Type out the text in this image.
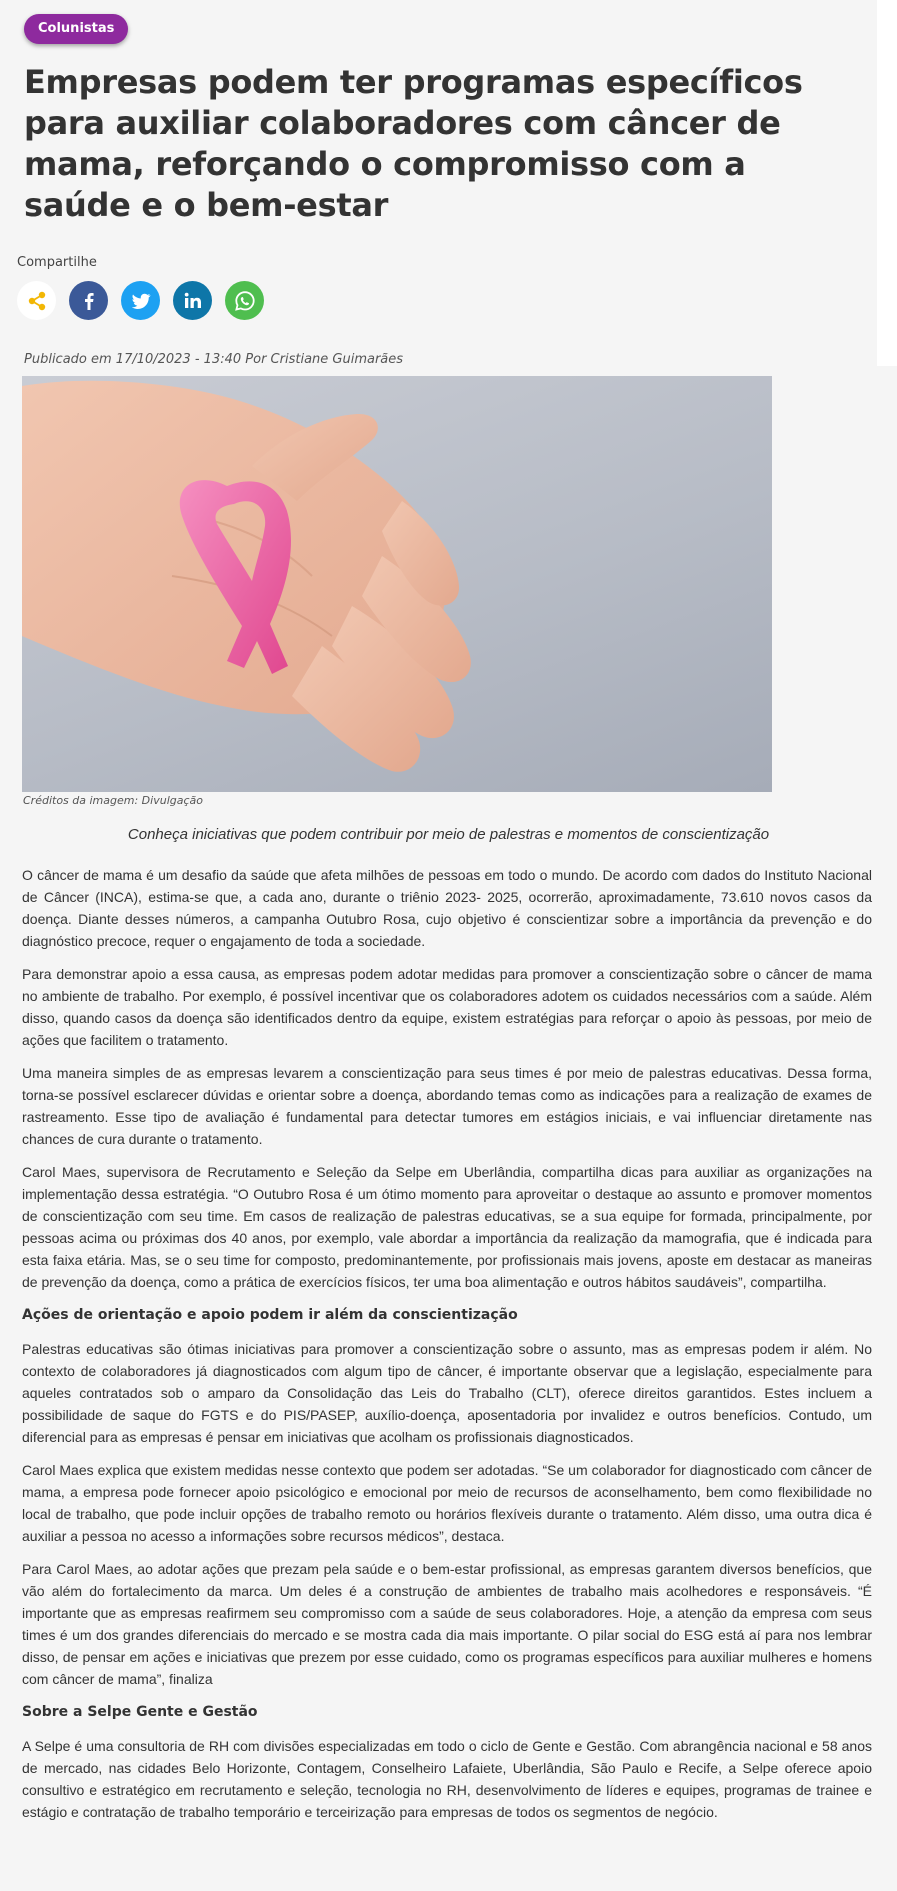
Colunistas
Empresas podem ter programas específicos para auxiliar colaboradores com câncer de mama, reforçando o compromisso com a saúde e o bem-estar
Compartilhe
Publicado em 17/10/2023 - 13:40 Por Cristiane Guimarães
Créditos da imagem: Divulgação

Conheça iniciativas que podem contribuir por meio de palestras e momentos de conscientização

O câncer de mama é um desafio da saúde que afeta milhões de pessoas em todo o mundo. De acordo com dados do Instituto Nacional de Câncer (INCA), estima-se que, a cada ano, durante o triênio 2023- 2025, ocorrerão, aproximadamente, 73.610 novos casos da doença. Diante desses números, a campanha Outubro Rosa, cujo objetivo é conscientizar sobre a importância da prevenção e do diagnóstico precoce, requer o engajamento de toda a sociedade.

Para demonstrar apoio a essa causa, as empresas podem adotar medidas para promover a conscientização sobre o câncer de mama no ambiente de trabalho. Por exemplo, é possível incentivar que os colaboradores adotem os cuidados necessários com a saúde. Além disso, quando casos da doença são identificados dentro da equipe, existem estratégias para reforçar o apoio às pessoas, por meio de ações que facilitem o tratamento.

Uma maneira simples de as empresas levarem a conscientização para seus times é por meio de palestras educativas. Dessa forma, torna-se possível esclarecer dúvidas e orientar sobre a doença, abordando temas como as indicações para a realização de exames de rastreamento. Esse tipo de avaliação é fundamental para detectar tumores em estágios iniciais, e vai influenciar diretamente nas chances de cura durante o tratamento.

Carol Maes, supervisora de Recrutamento e Seleção da Selpe em Uberlândia, compartilha dicas para auxiliar as organizações na implementação dessa estratégia. “O Outubro Rosa é um ótimo momento para aproveitar o destaque ao assunto e promover momentos de conscientização com seu time. Em casos de realização de palestras educativas, se a sua equipe for formada, principalmente, por pessoas acima ou próximas dos 40 anos, por exemplo, vale abordar a importância da realização da mamografia, que é indicada para esta faixa etária. Mas, se o seu time for composto, predominantemente, por profissionais mais jovens, aposte em destacar as maneiras de prevenção da doença, como a prática de exercícios físicos, ter uma boa alimentação e outros hábitos saudáveis”, compartilha.

Ações de orientação e apoio podem ir além da conscientização

Palestras educativas são ótimas iniciativas para promover a conscientização sobre o assunto, mas as empresas podem ir além. No contexto de colaboradores já diagnosticados com algum tipo de câncer, é importante observar que a legislação, especialmente para aqueles contratados sob o amparo da Consolidação das Leis do Trabalho (CLT), oferece direitos garantidos. Estes incluem a possibilidade de saque do FGTS e do PIS/PASEP, auxílio-doença, aposentadoria por invalidez e outros benefícios. Contudo, um diferencial para as empresas é pensar em iniciativas que acolham os profissionais diagnosticados.

Carol Maes explica que existem medidas nesse contexto que podem ser adotadas. “Se um colaborador for diagnosticado com câncer de mama, a empresa pode fornecer apoio psicológico e emocional por meio de recursos de aconselhamento, bem como flexibilidade no local de trabalho, que pode incluir opções de trabalho remoto ou horários flexíveis durante o tratamento. Além disso, uma outra dica é auxiliar a pessoa no acesso a informações sobre recursos médicos”, destaca.

Para Carol Maes, ao adotar ações que prezam pela saúde e o bem-estar profissional, as empresas garantem diversos benefícios, que vão além do fortalecimento da marca. Um deles é a construção de ambientes de trabalho mais acolhedores e responsáveis. “É importante que as empresas reafirmem seu compromisso com a saúde de seus colaboradores. Hoje, a atenção da empresa com seus times é um dos grandes diferenciais do mercado e se mostra cada dia mais importante. O pilar social do ESG está aí para nos lembrar disso, de pensar em ações e iniciativas que prezem por esse cuidado, como os programas específicos para auxiliar mulheres e homens com câncer de mama”, finaliza

Sobre a Selpe Gente e Gestão

A Selpe é uma consultoria de RH com divisões especializadas em todo o ciclo de Gente e Gestão. Com abrangência nacional e 58 anos de mercado, nas cidades Belo Horizonte, Contagem, Conselheiro Lafaiete, Uberlândia, São Paulo e Recife, a Selpe oferece apoio consultivo e estratégico em recrutamento e seleção, tecnologia no RH, desenvolvimento de líderes e equipes, programas de trainee e estágio e contratação de trabalho temporário e terceirização para empresas de todos os segmentos de negócio.
